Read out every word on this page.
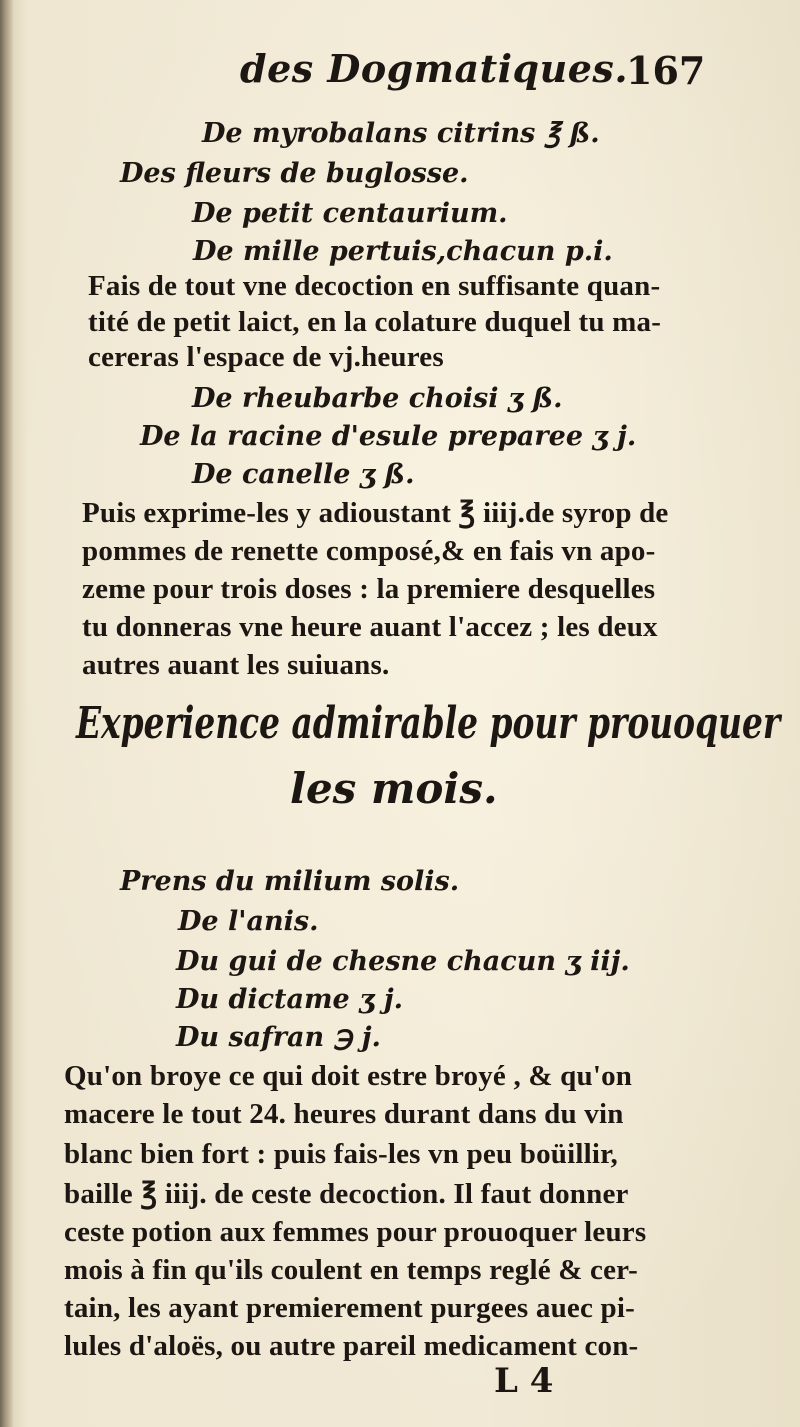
des Dogmatiques.
167
De myrobalans citrins ℥ ß.
Des fleurs de buglosse.
De petit centaurium.
De mille pertuis,chacun p.i.
Fais de tout vne decoction en suffisante quan-
tité de petit laict, en la colature duquel tu ma-
cereras l'espace de vj.heures
De rheubarbe choisi ʒ ß.
De la racine d'esule preparee ʒ j.
De canelle ʒ ß.
Puis exprime-les y adioustant ℥ iiij.de syrop de
pommes de renette composé,& en fais vn apo-
zeme pour trois doses : la premiere desquelles
tu donneras vne heure auant l'accez ; les deux
autres auant les suiuans.
Experience admirable pour prouoquer
les mois.
Prens du milium solis.
De l'anis.
Du gui de chesne chacun ʒ iij.
Du dictame ʒ j.
Du safran ℈ j.
Qu'on broye ce qui doit estre broyé , & qu'on
macere le tout 24. heures durant dans du vin
blanc bien fort : puis fais-les vn peu boüillir,
baille ℥ iiij. de ceste decoction. Il faut donner
ceste potion aux femmes pour prouoquer leurs
mois à fin qu'ils coulent en temps reglé & cer-
tain, les ayant premierement purgees auec pi-
lules d'aloës, ou autre pareil medicament con-
L 4
